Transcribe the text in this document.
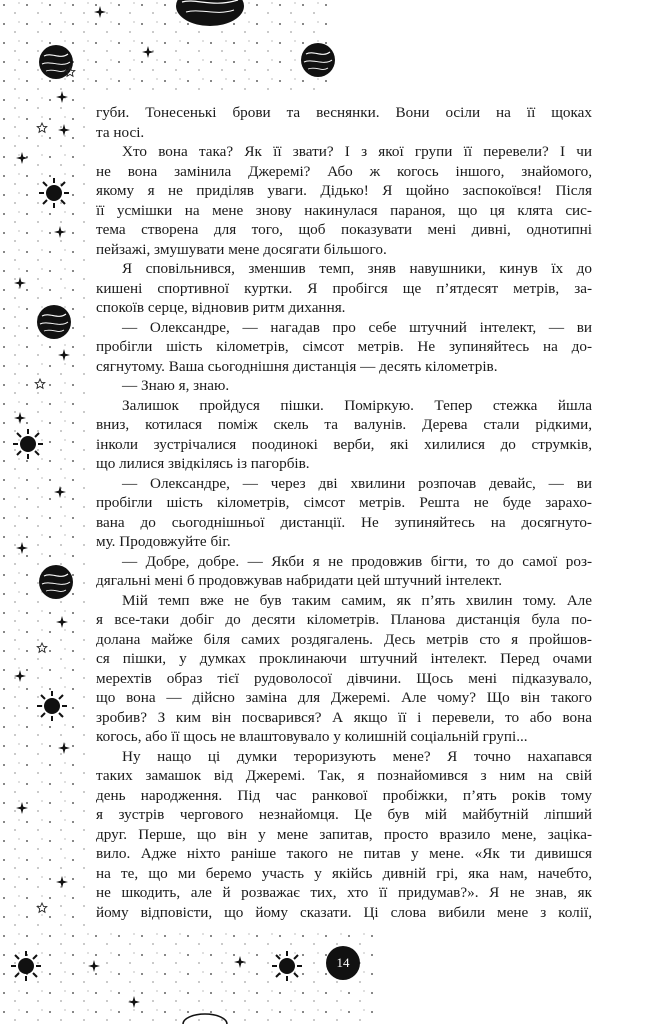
губи. Тонесенькі брови та веснянки. Вони осіли на її щоках

та носі.

Хто вона така? Як її звати? І з якої групи її перевели? І чи

не вона замінила Джеремі? Або ж когось іншого, знайомого,

якому я не приділяв уваги. Дідько! Я щойно заспокоївся! Після

її усмішки на мене знову накинулася параноя, що ця клята сис-

тема створена для того, щоб показувати мені дивні, однотипні

пейзажі, змушувати мене досягати більшого.

Я сповільнився, зменшив темп, зняв навушники, кинув їх до

кишені спортивної куртки. Я пробігся ще п’ятдесят метрів, за-

спокоїв серце, відновив ритм дихання.

— Олександре, — нагадав про себе штучний інтелект, — ви

пробігли шість кілометрів, сімсот метрів. Не зупиняйтесь на до-

сягнутому. Ваша сьогоднішня дистанція — десять кілометрів.

— Знаю я, знаю.

Залишок пройдуся пішки. Поміркую. Тепер стежка йшла

вниз, котилася поміж скель та валунів. Дерева стали рідкими,

інколи зустрічалися поодинокі верби, які хилилися до струмків,

що лилися звідкілясь із пагорбів.

— Олександре, — через дві хвилини розпочав девайс, — ви

пробігли шість кілометрів, сімсот метрів. Решта не буде зарахо-

вана до сьогоднішньої дистанції. Не зупиняйтесь на досягнуто-

му. Продовжуйте біг.

— Добре, добре. — Якби я не продовжив бігти, то до самої роз-

дягальні мені б продовжував набридати цей штучний інтелект.

Мій темп вже не був таким самим, як п’ять хвилин тому. Але

я все-таки добіг до десяти кілометрів. Планова дистанція була по-

долана майже біля самих роздягалень. Десь метрів сто я пройшов-

ся пішки, у думках проклинаючи штучний інтелект. Перед очами

мерехтів образ тієї рудоволосої дівчини. Щось мені підказувало,

що вона — дійсно заміна для Джеремі. Але чому? Що він такого

зробив? З ким він посварився? А якщо її і перевели, то або вона

когось, або її щось не влаштовувало у колишній соціальній групі...

Ну нащо ці думки тероризують мене? Я точно нахапався

таких замашок від Джеремі. Так, я познайомився з ним на свій

день народження. Під час ранкової пробіжки, п’ять років тому

я зустрів чергового незнайомця. Це був мій майбутній ліпший

друг. Перше, що він у мене запитав, просто вразило мене, зацікa-

вило. Адже ніхто раніше такого не питав у мене. «Як ти дивишся

на те, що ми беремо участь у якійсь дивній грі, яка нам, начебто,

не шкодить, але й розважає тих, хто її придумав?». Я не знав, як

йому відповісти, що йому сказати. Ці слова вибили мене з колії,

14
